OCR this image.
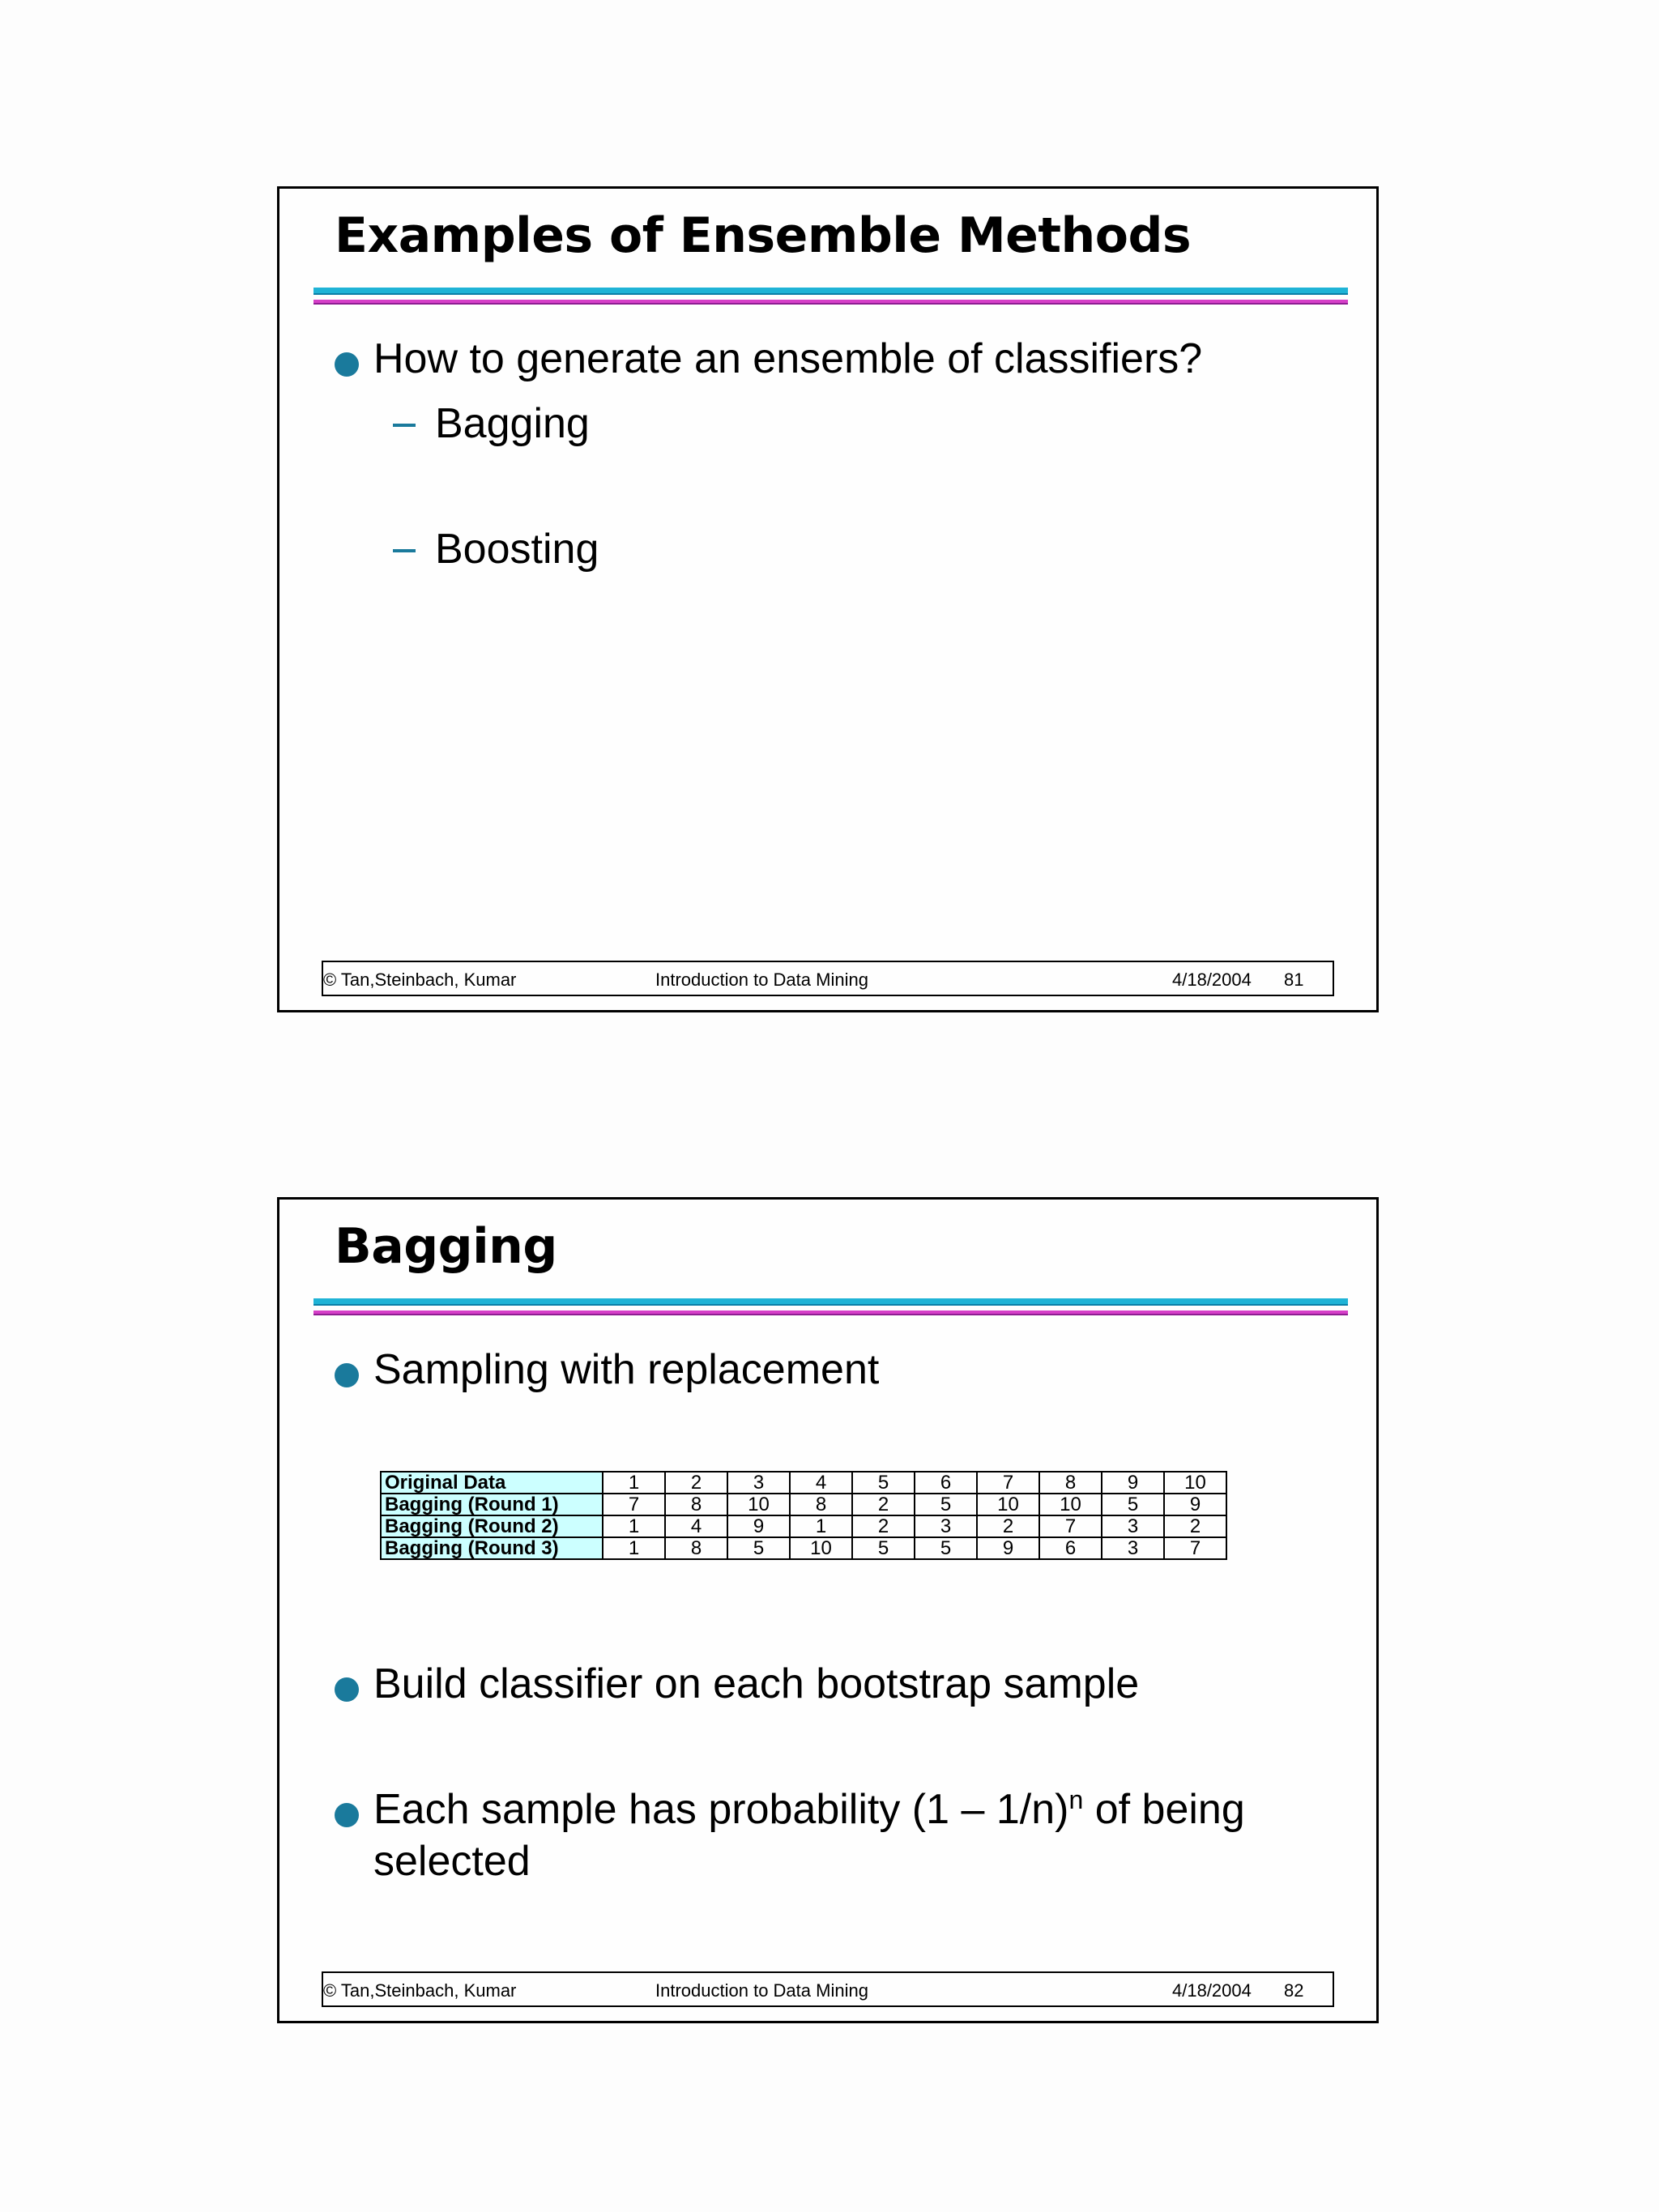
Examples of Ensemble Methods
How to generate an ensemble of classifiers?
Bagging
Boosting
© Tan,Steinbach, Kumar	Introduction to Data Mining	4/18/2004 81
Bagging
Sampling with replacement
Original Data	1	2	3	4	5	6	7	8	9	10
Bagging (Round 1)	7	8	10	8	2	5	10	10	5	9
Bagging (Round 2)	1	4	9	1	2	3	2	7	3	2
Bagging (Round 3)	1	8	5	10	5	5	9	6	3	7
Build classifier on each bootstrap sample
Each sample has probability (1 – 1/n)$^n$ of being
selected
© Tan,Steinbach, Kumar	Introduction to Data Mining	4/18/2004 82
